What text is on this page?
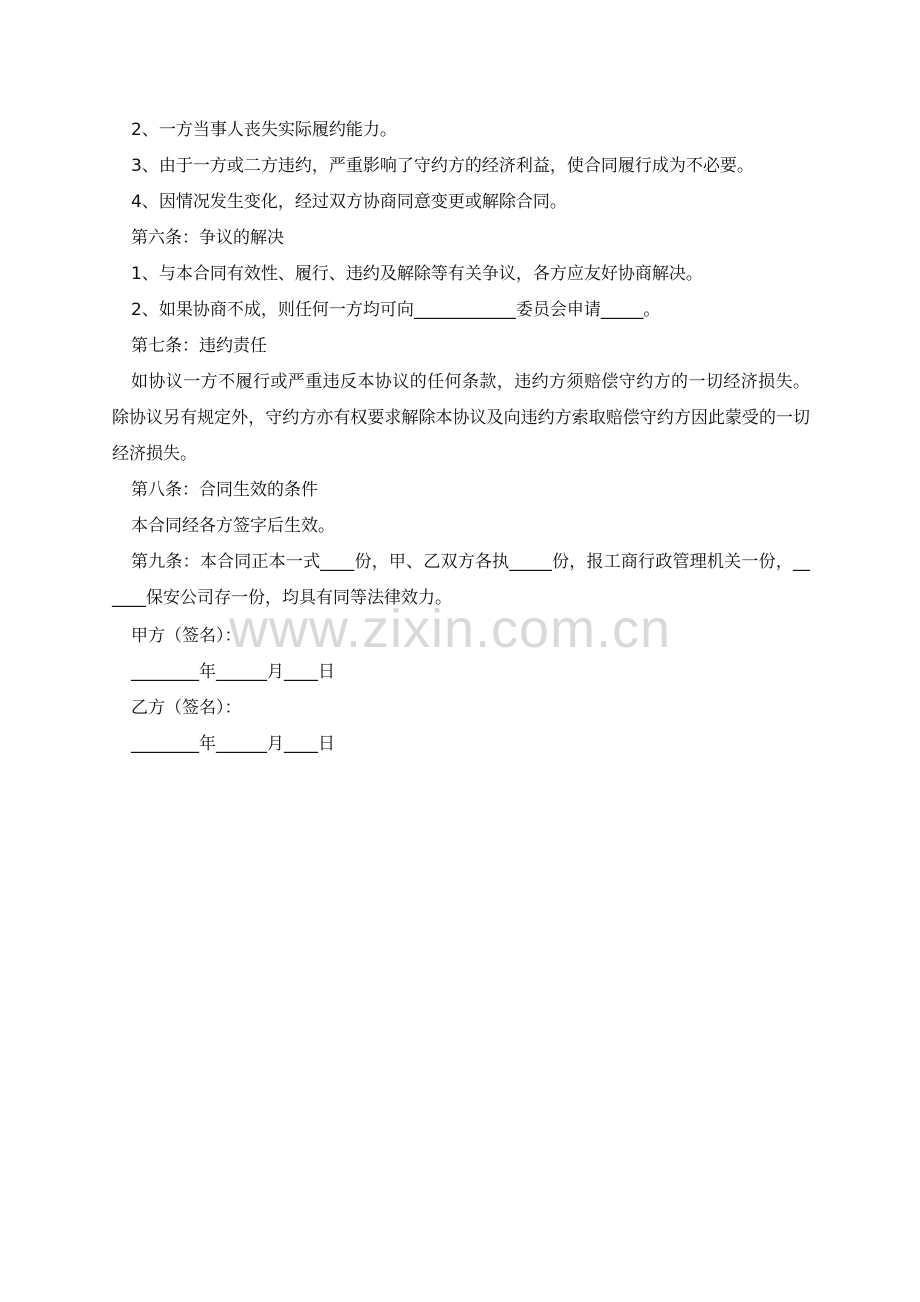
2、一方当事人丧失实际履约能力。
3、由于一方或二方违约，严重影响了守约方的经济利益，使合同履行成为不必要。
4、因情况发生变化，经过双方协商同意变更或解除合同。
第六条：争议的解决
1、与本合同有效性、履行、违约及解除等有关争议，各方应友好协商解决。
2、如果协商不成，则任何一方均可向____________委员会申请_____。
第七条：违约责任
如协议一方不履行或严重违反本协议的任何条款，违约方须赔偿守约方的一切经济损失。除协议另有规定外，守约方亦有权要求解除本协议及向违约方索取赔偿守约方因此蒙受的一切经济损失。
第八条：合同生效的条件
本合同经各方签字后生效。
第九条：本合同正本一式____份，甲、乙双方各执_____份，报工商行政管理机关一份，______保安公司存一份，均具有同等法律效力。
甲方（签名）：
________年______月____日
乙方（签名）：
________年______月____日
www.zixin.com.cn
